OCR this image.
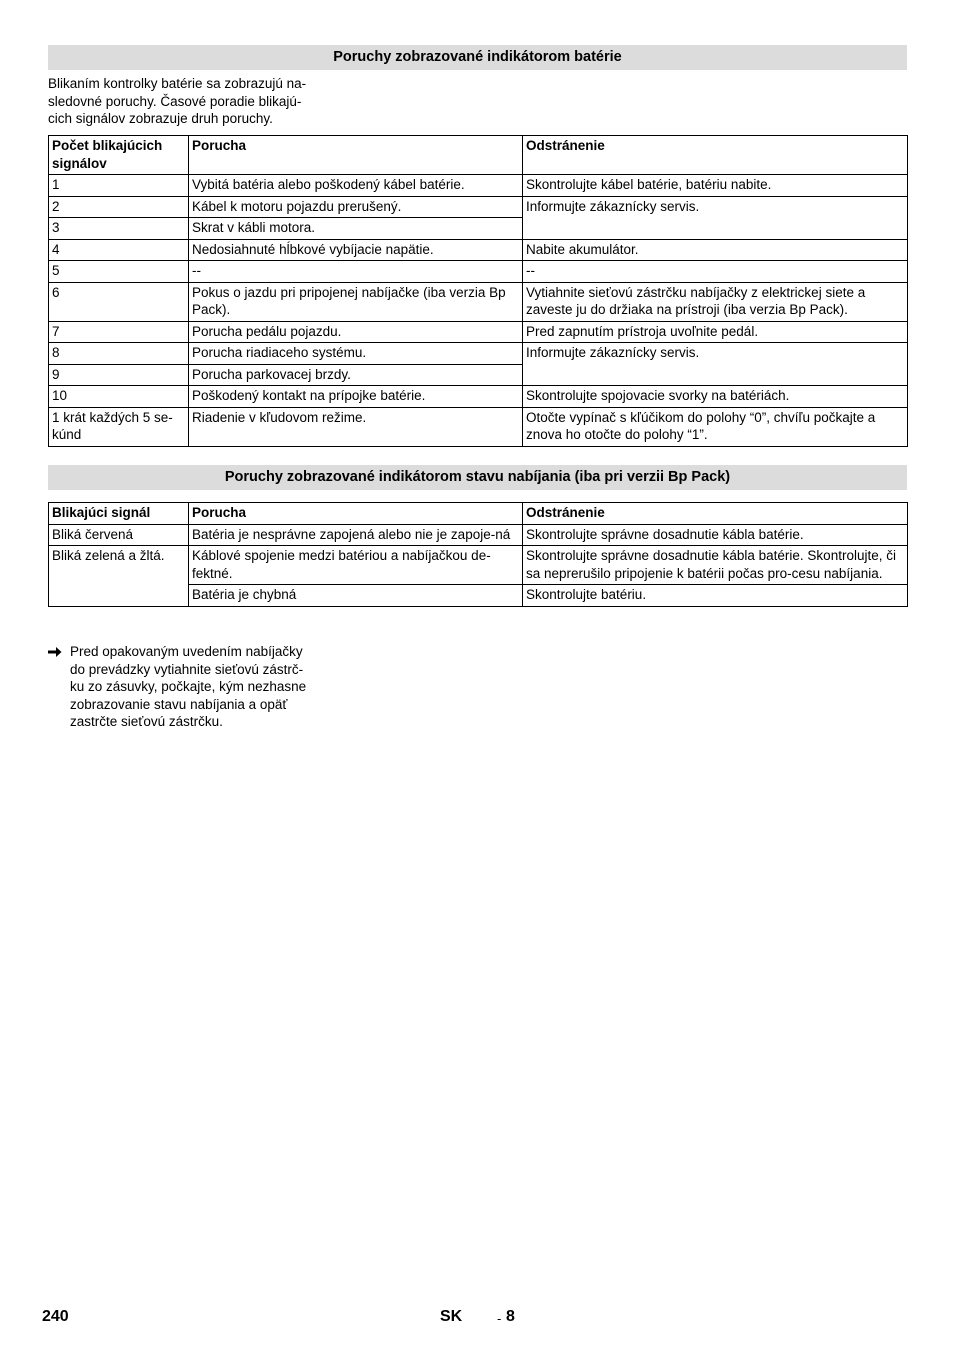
Poruchy zobrazované indikátorom batérie
Blikaním kontrolky batérie sa zobrazujú na-
sledovné poruchy. Časové poradie blikajú-
cich signálov zobrazuje druh poruchy.
Počet blikajúcich signálov	Porucha	Odstránenie
1	Vybitá batéria alebo poškodený kábel batérie.	Skontrolujte kábel batérie, batériu nabite.
2	Kábel k motoru pojazdu prerušený.	Informujte zákaznícky servis.
3	Skrat v kábli motora.	
4	Nedosiahnuté hĺbkové vybíjacie napätie.	Nabite akumulátor.
5	--	--
6	Pokus o jazdu pri pripojenej nabíjačke (iba verzia Bp Pack).	Vytiahnite sieťovú zástrčku nabíjačky z elektrickej siete a zaveste ju do držiaka na prístroji (iba verzia Bp Pack).
7	Porucha pedálu pojazdu.	Pred zapnutím prístroja uvoľnite pedál.
8	Porucha riadiaceho systému.	Informujte zákaznícky servis.
9	Porucha parkovacej brzdy.	
10	Poškodený kontakt na prípojke batérie.	Skontrolujte spojovacie svorky na batériách.
1 krát každých 5 se-kúnd	Riadenie v kľudovom režime.	Otočte vypínač s kľúčikom do polohy “0”, chvíľu počkajte a znova ho otočte do polohy “1”.
Poruchy zobrazované indikátorom stavu nabíjania (iba pri verzii Bp Pack)
Blikajúci signál	Porucha	Odstránenie
Bliká červená	Batéria je nesprávne zapojená alebo nie je zapoje-ná	Skontrolujte správne dosadnutie kábla batérie.
Bliká zelená a žltá.	Káblové spojenie medzi batériou a nabíjačkou de-fektné.	Skontrolujte správne dosadnutie kábla batérie. Skontrolujte, či sa neprerušilo pripojenie k batérii počas pro-cesu nabíjania.
	Batéria je chybná	Skontrolujte batériu.
Pred opakovaným uvedením nabíjačky
do prevádzky vytiahnite sieťovú zástrč-
ku zo zásuvky, počkajte, kým nezhasne
zobrazovanie stavu nabíjania a opäť
zastrčte sieťovú zástrčku.
240	SK	- 8
